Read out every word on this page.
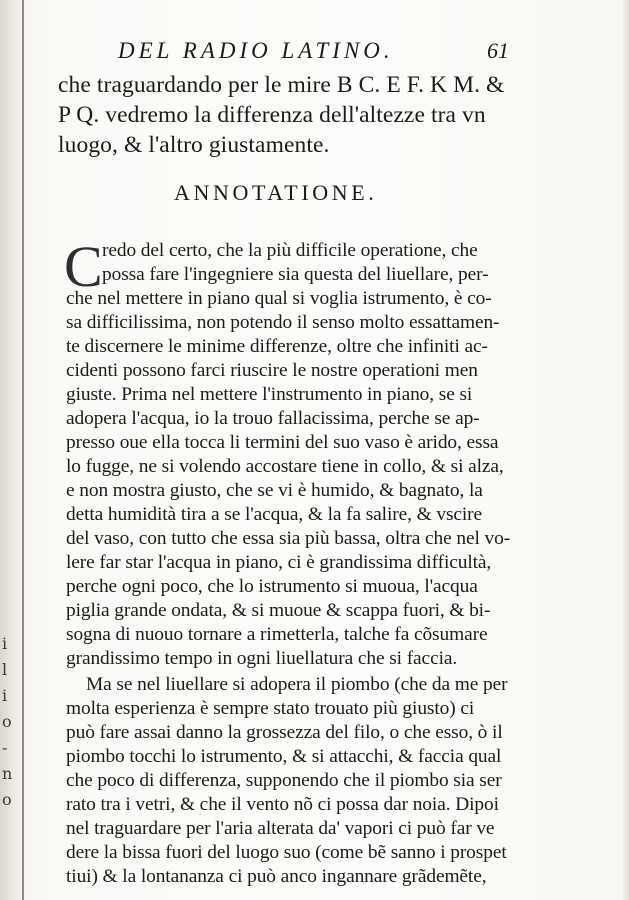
i
l
i
o
-
n
o
DEL RADIO LATINO.	61
che traguardando per le mire B C. E F. K M. &
P Q. vedremo la differenza dell'altezze tra vn
luogo, & l'altro giustamente.
ANNOTATIONE.
C redo del certo, che la più difficile operatione, che
possa fare l'ingegniere sia questa del liuellare, per-
che nel mettere in piano qual si voglia istrumento, è co-
sa difficilissima, non potendo il senso molto essattamen-
te discernere le minime differenze, oltre che infiniti ac-
cidenti possono farci riuscire le nostre operationi men
giuste. Prima nel mettere l'instrumento in piano, se si
adopera l'acqua, io la trouo fallacissima, perche se ap-
presso oue ella tocca li termini del suo vaso è arido, essa
lo fugge, ne si volendo accostare tiene in collo, & si alza,
e non mostra giusto, che se vi è humido, & bagnato, la
detta humidità tira a se l'acqua, & la fa salire, & vscire
del vaso, con tutto che essa sia più bassa, oltra che nel vo-
lere far star l'acqua in piano, ci è grandissima difficultà,
perche ogni poco, che lo istrumento si muoua, l'acqua
piglia grande ondata, & si muoue & scappa fuori, & bi-
sogna di nuouo tornare a rimetterla, talche fa cõsumare
grandissimo tempo in ogni liuellatura che si faccia.
Ma se nel liuellare si adopera il piombo (che da me per
molta esperienza è sempre stato trouato più giusto) ci
può fare assai danno la grossezza del filo, o che esso, ò il
piombo tocchi lo istrumento, & si attacchi, & faccia qual
che poco di differenza, supponendo che il piombo sia ser
rato tra i vetri, & che il vento nõ ci possa dar noia. Dipoi
nel traguardare per l'aria alterata da' vapori ci può far ve
dere la bissa fuori del luogo suo (come bẽ sanno i prospet
tiui) & la lontananza ci può anco ingannare grãdemẽte,
